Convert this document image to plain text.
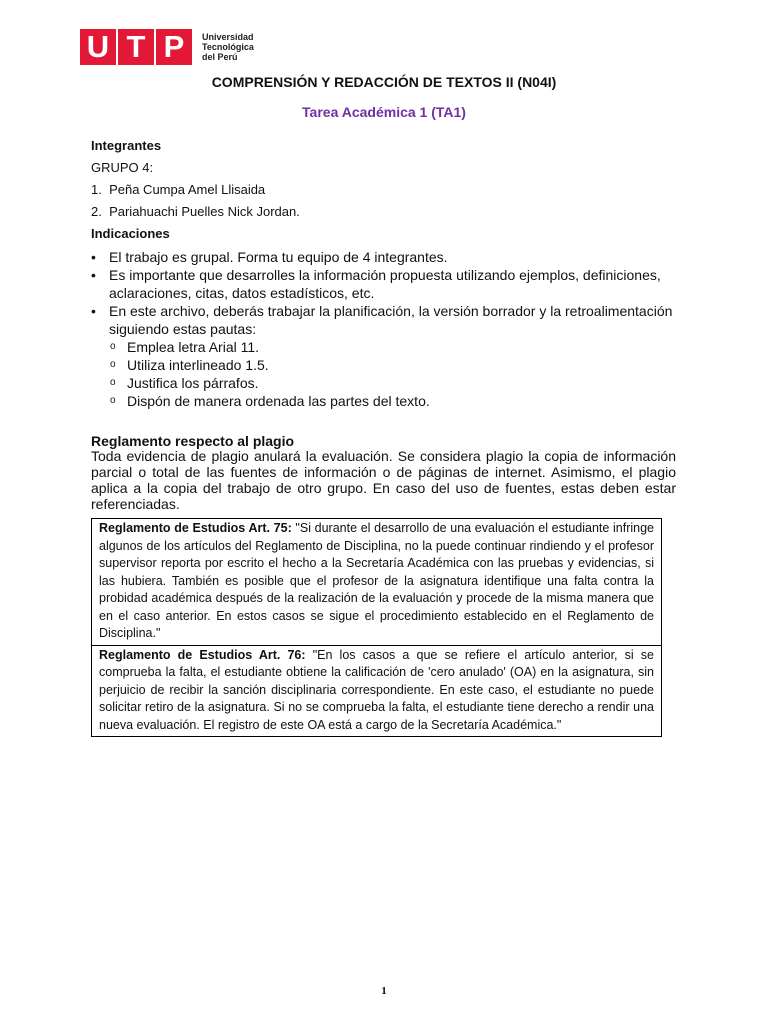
U T P	Universidad
Tecnológica
del Perú
COMPRENSIÓN Y REDACCIÓN DE TEXTOS II (N04I)
Tarea Académica 1 (TA1)
Integrantes
GRUPO 4:
1. Peña Cumpa Amel Llisaida
2. Pariahuachi Puelles Nick Jordan.
Indicaciones
• El trabajo es grupal. Forma tu equipo de 4 integrantes.
• Es importante que desarrolles la información propuesta utilizando ejemplos, definiciones, aclaraciones, citas, datos estadísticos, etc.
• En este archivo, deberás trabajar la planificación, la versión borrador y la retroalimentación siguiendo estas pautas:
o Emplea letra Arial 11.
o Utiliza interlineado 1.5.
o Justifica los párrafos.
o Dispón de manera ordenada las partes del texto.
Reglamento respecto al plagio
Toda evidencia de plagio anulará la evaluación. Se considera plagio la copia de información parcial o total de las fuentes de información o de páginas de internet. Asimismo, el plagio aplica a la copia del trabajo de otro grupo. En caso del uso de fuentes, estas deben estar referenciadas.
Reglamento de Estudios Art. 75: "Si durante el desarrollo de una evaluación el estudiante infringe algunos de los artículos del Reglamento de Disciplina, no la puede continuar rindiendo y el profesor supervisor reporta por escrito el hecho a la Secretaría Académica con las pruebas y evidencias, si las hubiera. También es posible que el profesor de la asignatura identifique una falta contra la probidad académica después de la realización de la evaluación y procede de la misma manera que en el caso anterior. En estos casos se sigue el procedimiento establecido en el Reglamento de Disciplina."
Reglamento de Estudios Art. 76: "En los casos a que se refiere el artículo anterior, si se comprueba la falta, el estudiante obtiene la calificación de 'cero anulado' (OA) en la asignatura, sin perjuicio de recibir la sanción disciplinaria correspondiente. En este caso, el estudiante no puede solicitar retiro de la asignatura. Si no se comprueba la falta, el estudiante tiene derecho a rendir una nueva evaluación. El registro de este OA está a cargo de la Secretaría Académica."
1
